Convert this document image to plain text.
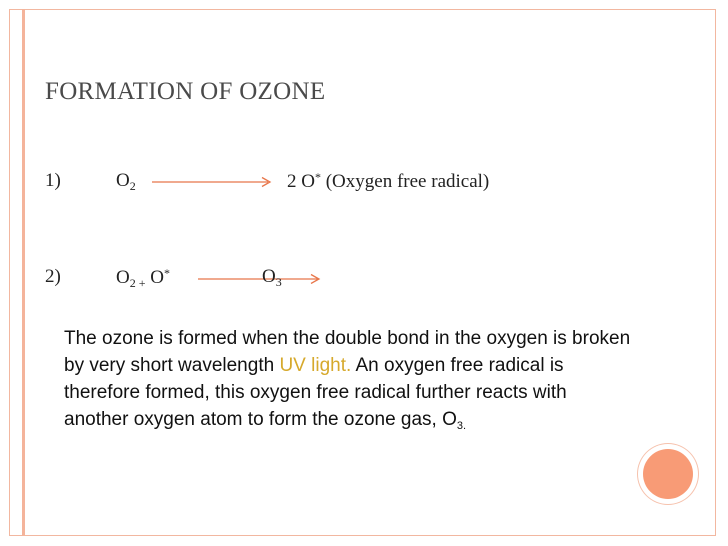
FORMATION OF OZONE
1)	$O_2$	2 O* (Oxygen free radical)
2)	$O_{2 +}$ O*	$O_3$
The ozone is formed when the double bond in the oxygen is broken by very short wavelength UV light. An oxygen free radical is therefore formed, this oxygen free radical further reacts with another oxygen atom to form the ozone gas, $O_{3.}$
